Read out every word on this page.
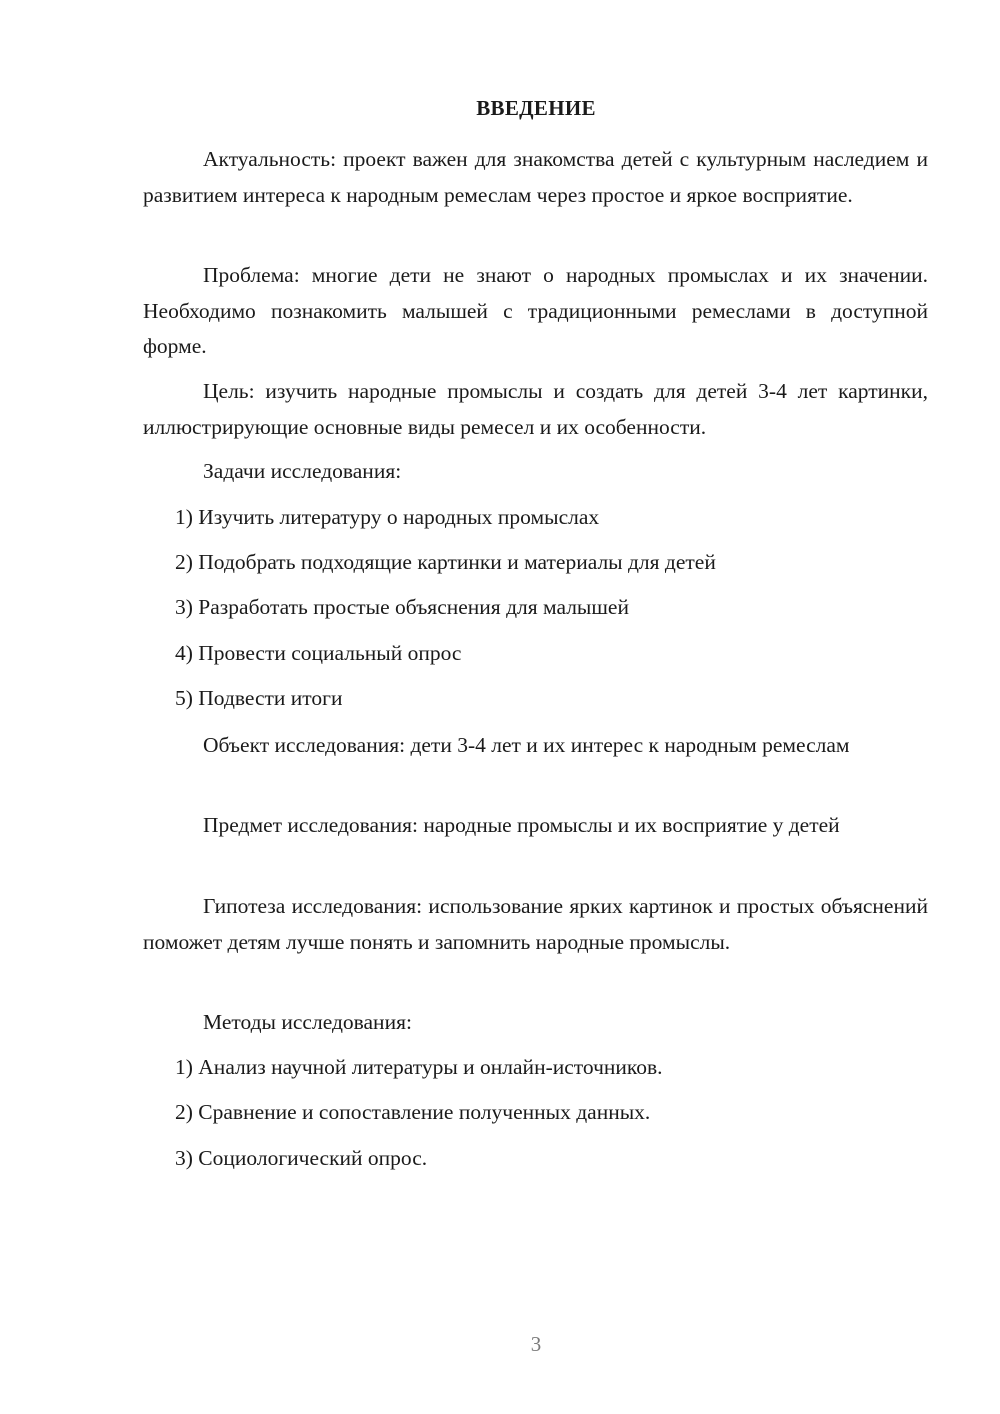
ВВЕДЕНИЕ

Актуальность: проект важен для знакомства детей с культурным наследием и развитием интереса к народным ремеслам через простое и яркое восприятие.

Проблема: многие дети не знают о народных промыслах и их значении. Необходимо познакомить малышей с традиционными ремеслами в доступной форме.

Цель: изучить народные промыслы и создать для детей 3-4 лет картинки, иллюстрирующие основные виды ремесел и их особенности.

Задачи исследования:

1) Изучить литературу о народных промыслах

2) Подобрать подходящие картинки и материалы для детей

3) Разработать простые объяснения для малышей

4) Провести социальный опрос

5) Подвести итоги

Объект исследования: дети 3-4 лет и их интерес к народным ремеслам

Предмет исследования: народные промыслы и их восприятие у детей

Гипотеза исследования: использование ярких картинок и простых объяснений поможет детям лучше понять и запомнить народные промыслы.

Методы исследования:

1) Анализ научной литературы и онлайн-источников.

2) Сравнение и сопоставление полученных данных.

3) Социологический опрос.

3
